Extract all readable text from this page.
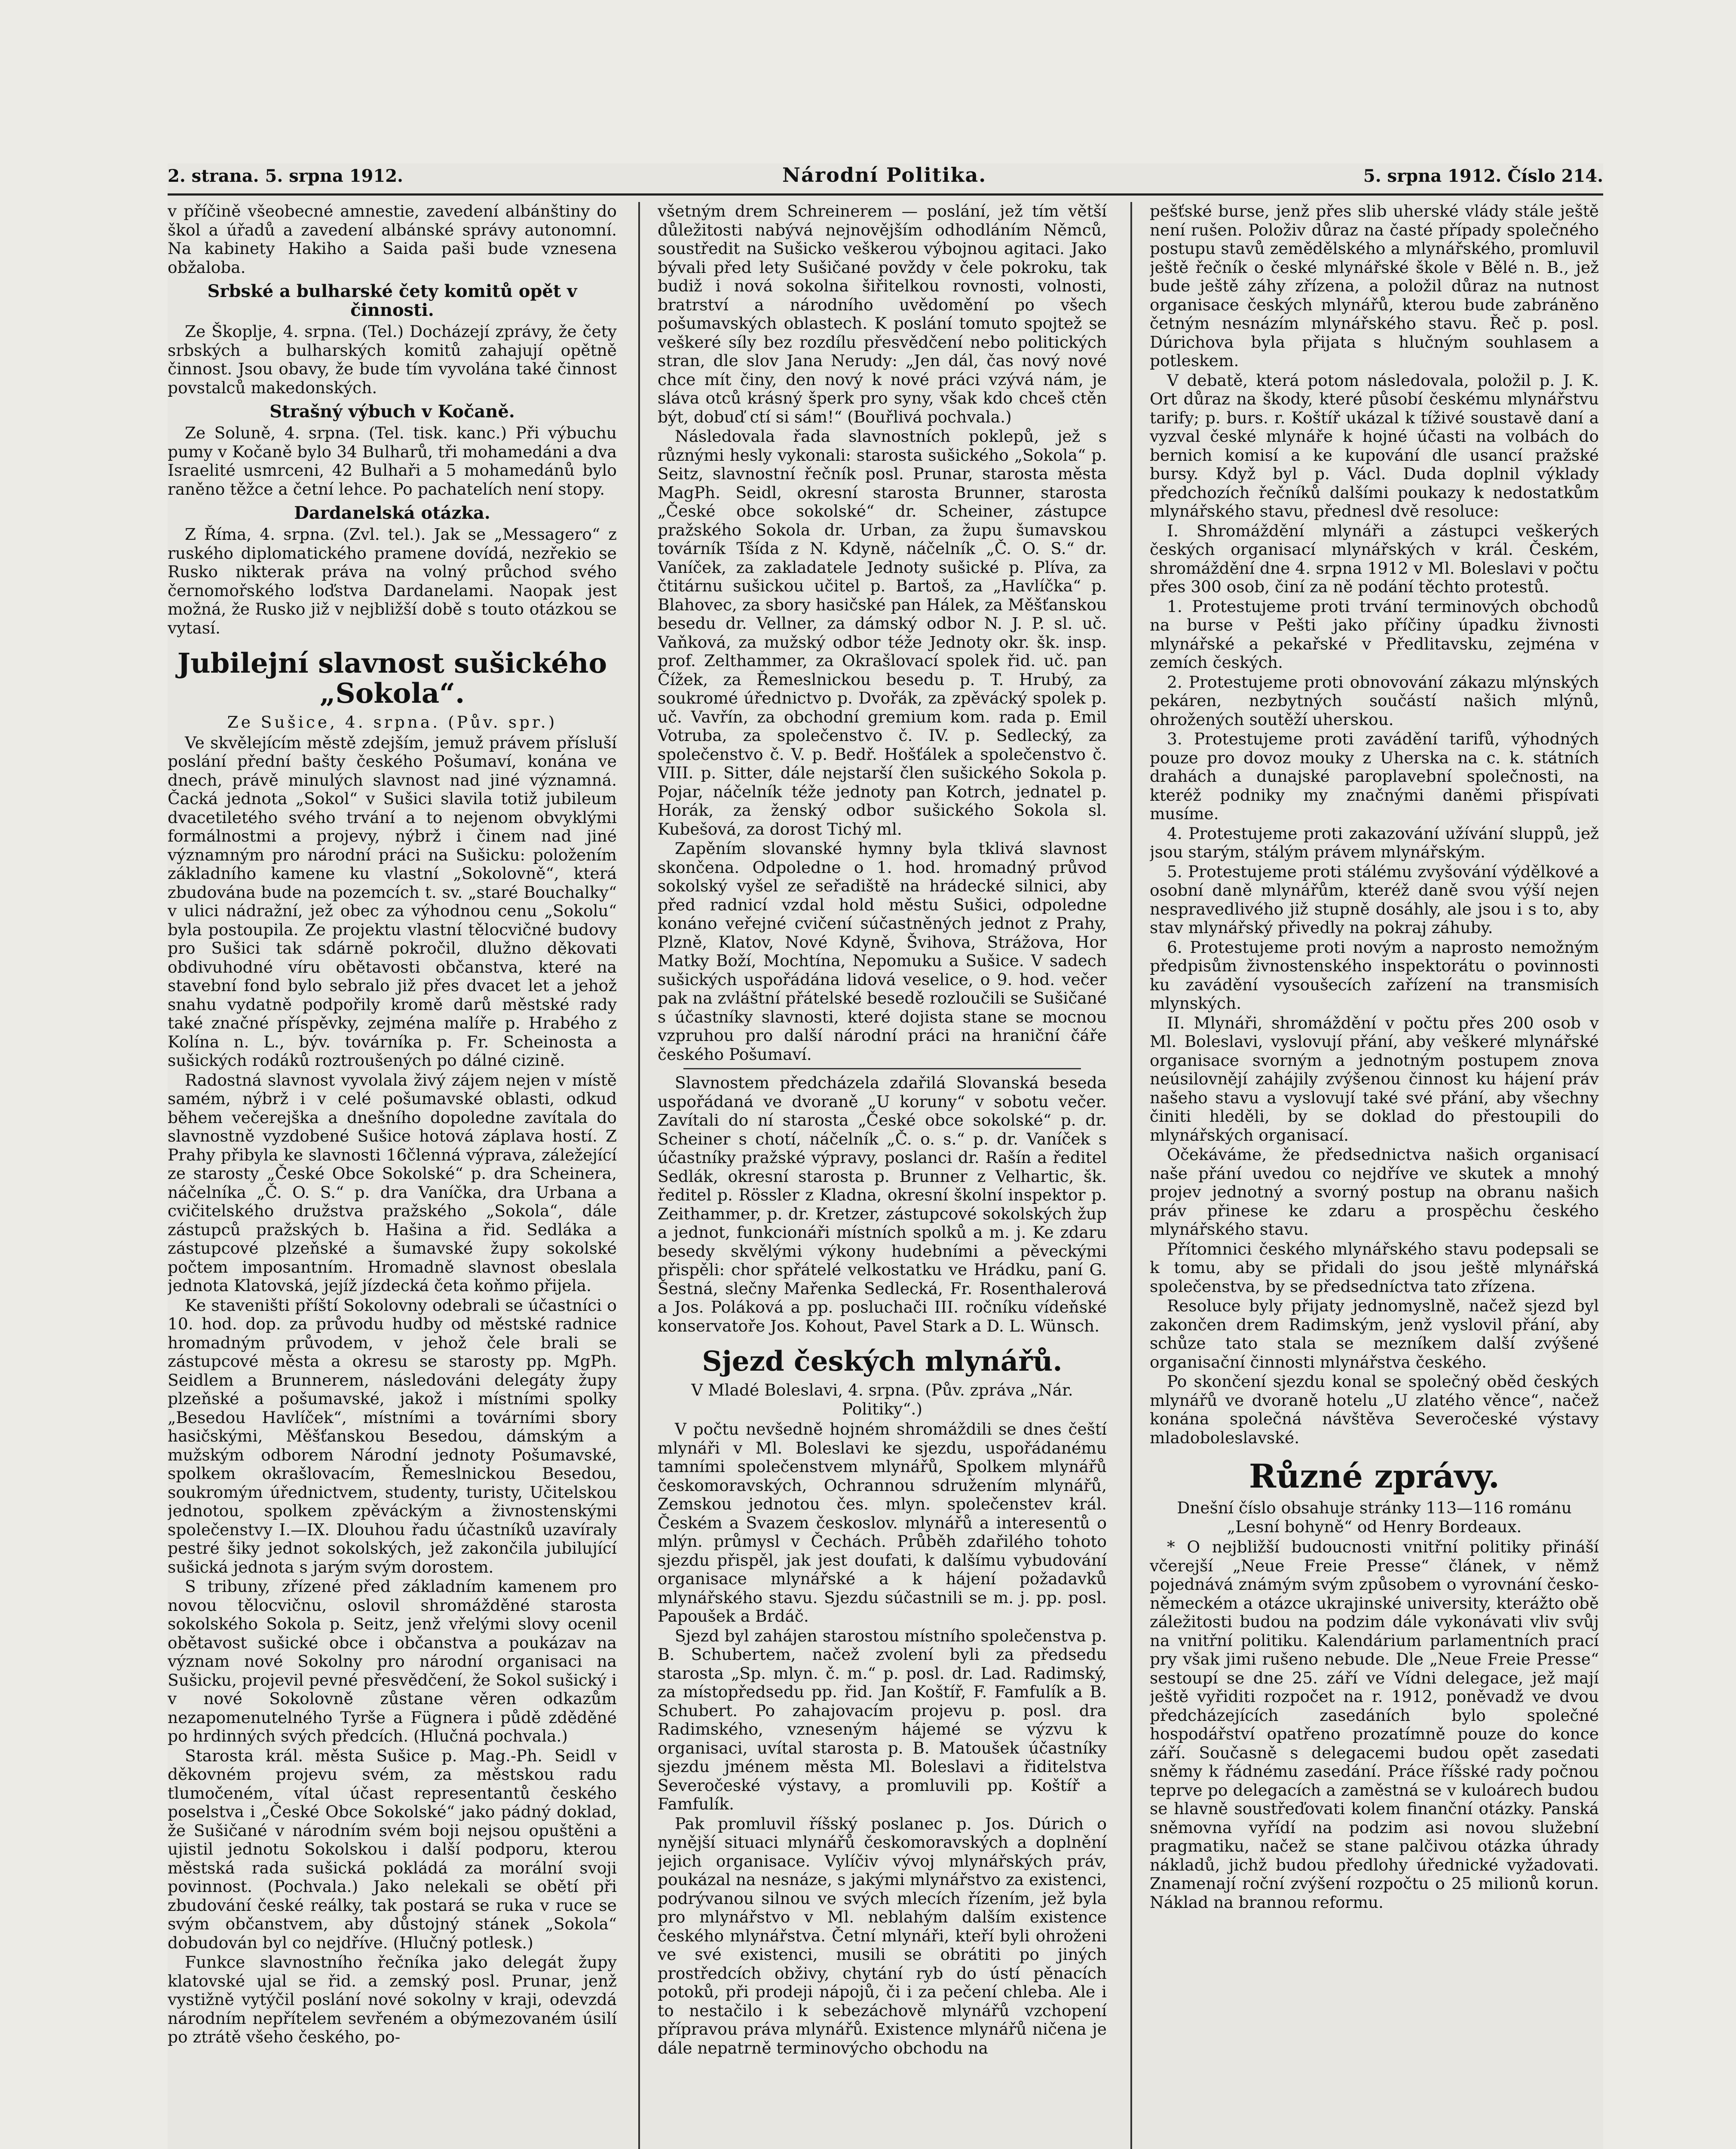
2. strana. 5. srpna 1912.	Národní Politika.	5. srpna 1912. Číslo 214.

v příčině všeobecné amnestie, zavedení albánštiny do škol a úřadů a zavedení albánské správy autonomní. Na kabinety Hakiho a Saida paši bude vznesena obžaloba.

Srbské a bulharské čety komitů opět v činnosti.

Ze Škoplje, 4. srpna. (Tel.) Docházejí zprávy, že čety srbských a bulharských komitů zahajují opětně činnost. Jsou obavy, že bude tím vyvolána také činnost povstalců makedonských.

Strašný výbuch v Kočaně.

Ze Soluně, 4. srpna. (Tel. tisk. kanc.) Při výbuchu pumy v Kočaně bylo 34 Bulharů, tři mohamedáni a dva Israelité usmrceni, 42 Bulhaři a 5 mohamedánů bylo raněno těžce a četní lehce. Po pachatelích není stopy.

Dardanelská otázka.

Z Říma, 4. srpna. (Zvl. tel.). Jak se „Messagero“ z ruského diplomatického pramene dovídá, nezřekio se Rusko nikterak práva na volný průchod svého černomořského loďstva Dardanelami. Naopak jest možná, že Rusko již v nejbližší době s touto otázkou se vytasí.

Jubilejní slavnost sušického „Sokola“.

Ze Sušice, 4. srpna. (Pův. spr.)

Ve skvělejícím městě zdejším, jemuž právem přísluší poslání přední bašty českého Pošumaví, konána ve dnech, právě minulých slavnost nad jiné významná. Čacká jednota „Sokol“ v Sušici slavila totiž jubileum dvacetiletého svého trvání a to nejenom obvyklými formálnostmi a projevy, nýbrž i činem nad jiné významným pro národní práci na Sušicku: položením základního kamene ku vlastní „Sokolovně“, která zbudována bude na pozemcích t. sv. „staré Bouchalky“ v ulici nádražní, jež obec za výhodnou cenu „Sokolu“ byla postoupila. Ze projektu vlastní tělocvičné budovy pro Sušici tak sdárně pokročil, dlužno děkovati obdivuhodné víru obětavosti občanstva, které na stavební fond bylo sebralo již přes dvacet let a jehož snahu vydatně podpořily kromě darů městské rady také značné příspěvky, zejména malíře p. Hrabého z Kolína n. L., býv. továrníka p. Fr. Scheinosta a sušických rodáků roztroušených po dálné cizině.

Radostná slavnost vyvolala živý zájem nejen v místě samém, nýbrž i v celé pošumavské oblasti, odkud během večerejška a dnešního dopoledne zavítala do slavnostně vyzdobené Sušice hotová záplava hostí. Z Prahy přibyla ke slavnosti 16členná výprava, záležející ze starosty „České Obce Sokolské“ p. dra Scheinera, náčelníka „Č. O. S.“ p. dra Vaníčka, dra Urbana a cvičitelského družstva pražského „Sokola“, dále zástupců pražských b. Hašina a řid. Sedláka a zástupcové plzeňské a šumavské župy sokolské počtem imposantním. Hromadně slavnost obeslala jednota Klatovská, jejíž jízdecká četa koňmo přijela.

Ke staveništi příští Sokolovny odebrali se účastníci o 10. hod. dop. za průvodu hudby od městské radnice hromadným průvodem, v jehož čele brali se zástupcové města a okresu se starosty pp. MgPh. Seidlem a Brunnerem, následováni delegáty župy plzeňské a pošumavské, jakož i místními spolky „Besedou Havlíček“, místními a továrními sbory hasičskými, Měšťanskou Besedou, dámským a mužským odborem Národní jednoty Pošumavské, spolkem okrašlovacím, Řemeslnickou Besedou, soukromým úřednictvem, studenty, turisty, Učitelskou jednotou, spolkem zpěváckým a živnostenskými společenstvy I.—IX. Dlouhou řadu účastníků uzavíraly pestré šiky jednot sokolských, jež zakončila jubilující sušická jednota s jarým svým dorostem.

S tribuny, zřízené před základním kamenem pro novou tělocvičnu, oslovil shromážděné starosta sokolského Sokola p. Seitz, jenž vřelými slovy ocenil obětavost sušické obce i občanstva a poukázav na význam nové Sokolny pro národní organisaci na Sušicku, projevil pevné přesvědčení, že Sokol sušický i v nové Sokolovně zůstane věren odkazům nezapomenutelného Tyrše a Fügnera i půdě zděděné po hrdinných svých předcích. (Hlučná pochvala.)

Starosta král. města Sušice p. Mag.-Ph. Seidl v děkovném projevu svém, za městskou radu tlumočeném, vítal účast representantů českého poselstva i „České Obce Sokolské“ jako pádný doklad, že Sušičané v národním svém boji nejsou opuštěni a ujistil jednotu Sokolskou i další podporu, kterou městská rada sušická pokládá za morální svoji povinnost. (Pochvala.) Jako nelekali se obětí při zbudování české reálky, tak postará se ruka v ruce se svým občanstvem, aby důstojný stánek „Sokola“ dobudován byl co nejdříve. (Hlučný potlesk.)

Funkce slavnostního řečníka jako delegát župy klatovské ujal se řid. a zemský posl. Prunar, jenž vystižně vytýčil poslání nové sokolny v kraji, odevzdá národním nepřítelem sevřeném a obýmezovaném úsilí po ztrátě všeho českého, po-

všetným drem Schreinerem — poslání, jež tím větší důležitosti nabývá nejnovějším odhodláním Němců, soustředit na Sušicko veškerou výbojnou agitaci. Jako bývali před lety Sušičané povždy v čele pokroku, tak budiž i nová sokolna šiřitelkou rovnosti, volnosti, bratrství a národního uvědomění po všech pošumavských oblastech. K poslání tomuto spojtež se veškeré síly bez rozdílu přesvědčení nebo politických stran, dle slov Jana Nerudy: „Jen dál, čas nový nové chce mít činy, den nový k nové práci vzývá nám, je sláva otců krásný šperk pro syny, však kdo chceš ctěn být, dobuď ctí si sám!“ (Bouřlivá pochvala.)

Následovala řada slavnostních poklepů, jež s různými hesly vykonali: starosta sušického „Sokola“ p. Seitz, slavnostní řečník posl. Prunar, starosta města MagPh. Seidl, okresní starosta Brunner, starosta „České obce sokolské“ dr. Scheiner, zástupce pražského Sokola dr. Urban, za župu šumavskou továrník Tšída z N. Kdyně, náčelník „Č. O. S.“ dr. Vaníček, za zakladatele Jednoty sušické p. Plíva, za čtitárnu sušickou učitel p. Bartoš, za „Havlíčka“ p. Blahovec, za sbory hasičské pan Hálek, za Měšťanskou besedu dr. Vellner, za dámský odbor N. J. P. sl. uč. Vaňková, za mužský odbor téže Jednoty okr. šk. insp. prof. Zelthammer, za Okrašlovací spolek řid. uč. pan Čížek, za Řemeslnickou besedu p. T. Hrubý, za soukromé úřednictvo p. Dvořák, za zpěvácký spolek p. uč. Vavřín, za obchodní gremium kom. rada p. Emil Votruba, za společenstvo č. IV. p. Sedlecký, za společenstvo č. V. p. Bedř. Hošťálek a společenstvo č. VIII. p. Sitter, dále nejstarší člen sušického Sokola p. Pojar, náčelník téže jednoty pan Kotrch, jednatel p. Horák, za ženský odbor sušického Sokola sl. Kubešová, za dorost Tichý ml.

Zapěním slovanské hymny byla tklivá slavnost skončena. Odpoledne o 1. hod. hromadný průvod sokolský vyšel ze seřadiště na hrádecké silnici, aby před radnicí vzdal hold městu Sušici, odpoledne konáno veřejné cvičení súčastněných jednot z Prahy, Plzně, Klatov, Nové Kdyně, Švihova, Strážova, Hor Matky Boží, Mochtína, Nepomuku a Sušice. V sadech sušických uspořádána lidová veselice, o 9. hod. večer pak na zvláštní přátelské besedě rozloučili se Sušičané s účastníky slavnosti, které dojista stane se mocnou vzpruhou pro další národní práci na hraniční čáře českého Pošumaví.

Slavnostem předcházela zdařilá Slovanská beseda uspořádaná ve dvoraně „U koruny“ v sobotu večer. Zavítali do ní starosta „České obce sokolské“ p. dr. Scheiner s chotí, náčelník „Č. o. s.“ p. dr. Vaníček s účastníky pražské výpravy, poslanci dr. Rašín a ředitel Sedlák, okresní starosta p. Brunner z Velhartic, šk. ředitel p. Rössler z Kladna, okresní školní inspektor p. Zeithammer, p. dr. Kretzer, zástupcové sokolských žup a jednot, funkcionáři místních spolků a m. j. Ke zdaru besedy skvělými výkony hudebními a pěveckými přispěli: chor spřátelé velkostatku ve Hrádku, paní G. Šestná, slečny Mařenka Sedlecká, Fr. Rosenthalerová a Jos. Poláková a pp. posluchači III. ročníku vídeňské konservatoře Jos. Kohout, Pavel Stark a D. L. Wünsch.

Sjezd českých mlynářů.

V Mladé Boleslavi, 4. srpna. (Pův. zpráva „Nár. Politiky“.)

V počtu nevšedně hojném shromáždili se dnes čeští mlynáři v Ml. Boleslavi ke sjezdu, uspořádanému tamními společenstvem mlynářů, Spolkem mlynářů českomoravských, Ochrannou sdružením mlynářů, Zemskou jednotou čes. mlyn. společenstev král. Českém a Svazem českoslov. mlynářů a interesentů o mlýn. průmysl v Čechách. Průběh zdařilého tohoto sjezdu přispěl, jak jest doufati, k dalšímu vybudování organisace mlynářské a k hájení požadavků mlynářského stavu. Sjezdu súčastnili se m. j. pp. posl. Papoušek a Brdáč.

Sjezd byl zahájen starostou místního společenstva p. B. Schubertem, načež zvolení byli za předsedu starosta „Sp. mlyn. č. m.“ p. posl. dr. Lad. Radimský, za místopředsedu pp. řid. Jan Koštíř, F. Famfulík a B. Schubert. Po zahajovacím projevu p. posl. dra Radimského, vzneseným hájemé se výzvu k organisaci, uvítal starosta p. B. Matoušek účastníky sjezdu jménem města Ml. Boleslavi a řiditelstva Severočeské výstavy, a promluvili pp. Koštíř a Famfulík.

Pak promluvil říšský poslanec p. Jos. Dúrich o nynější situaci mlynářů českomoravských a doplnění jejich organisace. Vylíčiv vývoj mlynářských práv, poukázal na nesnáze, s jakými mlynářstvo za existenci, podrývanou silnou ve svých mlecích řízením, jež byla pro mlynářstvo v Ml. neblahým dalším existence českého mlynářstva. Četní mlynáři, kteří byli ohroženi ve své existenci, musili se obrátiti po jiných prostředcích obživy, chytání ryb do ústí pěnacích potoků, při prodeji nápojů, či i za pečení chleba. Ale i to nestačilo i k sebezáchově mlynářů vzchopení přípravou práva mlynářů. Existence mlynářů ničena je dále nepatrně terminovýcho obchodu na

pešťské burse, jenž přes slib uherské vlády stále ještě není rušen. Položiv důraz na časté případy společného postupu stavů zemědělského a mlynářského, promluvil ještě řečník o české mlynářské škole v Bělé n. B., jež bude ještě záhy zřízena, a položil důraz na nutnost organisace českých mlynářů, kterou bude zabráněno četným nesnázím mlynářského stavu. Řeč p. posl. Dúrichova byla přijata s hlučným souhlasem a potleskem.

V debatě, která potom následovala, položil p. J. K. Ort důraz na škody, které působí českému mlynářstvu tarify; p. burs. r. Koštíř ukázal k tíživé soustavě daní a vyzval české mlynáře k hojné účasti na volbách do bernich komisí a ke kupování dle usancí pražské bursy. Když byl p. Václ. Duda doplnil výklady předchozích řečníků dalšími poukazy k nedostatkům mlynářského stavu, přednesl dvě resoluce:

I. Shromáždění mlynáři a zástupci veškerých českých organisací mlynářských v král. Českém, shromáždění dne 4. srpna 1912 v Ml. Boleslavi v počtu přes 300 osob, činí za ně podání těchto protestů.

1. Protestujeme proti trvání terminových obchodů na burse v Pešti jako příčiny úpadku živnosti mlynářské a pekařské v Předlitavsku, zejména v zemích českých.

2. Protestujeme proti obnovování zákazu mlýnských pekáren, nezbytných součástí našich mlýnů, ohrožených soutěží uherskou.

3. Protestujeme proti zavádění tarifů, výhodných pouze pro dovoz mouky z Uherska na c. k. státních drahách a dunajské paroplavební společnosti, na kteréž podniky my značnými daněmi přispívati musíme.

4. Protestujeme proti zakazování užívání sluppů, jež jsou starým, stálým právem mlynářským.

5. Protestujeme proti stálému zvyšování výdělkové a osobní daně mlynářům, kteréž daně svou výší nejen nespravedlivého již stupně dosáhly, ale jsou i s to, aby stav mlynářský přivedly na pokraj záhuby.

6. Protestujeme proti novým a naprosto nemožným předpisům živnostenského inspektorátu o povinnosti ku zavádění vysoušecích zařízení na transmisích mlynských.

II. Mlynáři, shromáždění v počtu přes 200 osob v Ml. Boleslavi, vyslovují přání, aby veškeré mlynářské organisace svorným a jednotným postupem znova neúsilovnějí zahájily zvýšenou činnost ku hájení práv našeho stavu a vyslovují také své přání, aby všechny činiti hleděli, by se doklad do přestoupili do mlynářských organisací.

Očekáváme, že předsednictva našich organisací naše přání uvedou co nejdříve ve skutek a mnohý projev jednotný a svorný postup na obranu našich práv přinese ke zdaru a prospěchu českého mlynářského stavu.

Přítomnici českého mlynářského stavu podepsali se k tomu, aby se přidali do jsou ještě mlynářská společenstva, by se předsedníctva tato zřízena.

Resoluce byly přijaty jednomyslně, načež sjezd byl zakončen drem Radimským, jenž vyslovil přání, aby schůze tato stala se mezníkem další zvýšené organisační činnosti mlynářstva českého.

Po skončení sjezdu konal se společný oběd českých mlynářů ve dvoraně hotelu „U zlatého věnce“, načež konána společná návštěva Severočeské výstavy mladoboleslavské.

Různé zprávy.

Dnešní číslo obsahuje stránky 113—116 románu „Lesní bohyně“ od Henry Bordeaux.

* O nejbližší budoucnosti vnitřní politiky přináší včerejší „Neue Freie Presse“ článek, v němž pojednává známým svým způsobem o vyrovnání česko-německém a otázce ukrajinské university, kterážto obě záležitosti budou na podzim dále vykonávati vliv svůj na vnitřní politiku. Kalendárium parlamentních prací pry však jimi rušeno nebude. Dle „Neue Freie Presse“ sestoupí se dne 25. září ve Vídni delegace, jež mají ještě vyřiditi rozpočet na r. 1912, poněvadž ve dvou předcházejících zasedáních bylo společné hospodářství opatřeno prozatímně pouze do konce září. Současně s delegacemi budou opět zasedati sněmy k řádnému zasedání. Práce říšské rady počnou teprve po delegacích a zaměstná se v kuloárech budou se hlavně soustřeďovati kolem finanční otázky. Panská sněmovna vyřídí na podzim asi novou služební pragmatiku, načež se stane palčivou otázka úhrady nákladů, jichž budou předlohy úřednické vyžadovati. Znamenají roční zvýšení rozpočtu o 25 milionů korun. Náklad na brannou reformu.
